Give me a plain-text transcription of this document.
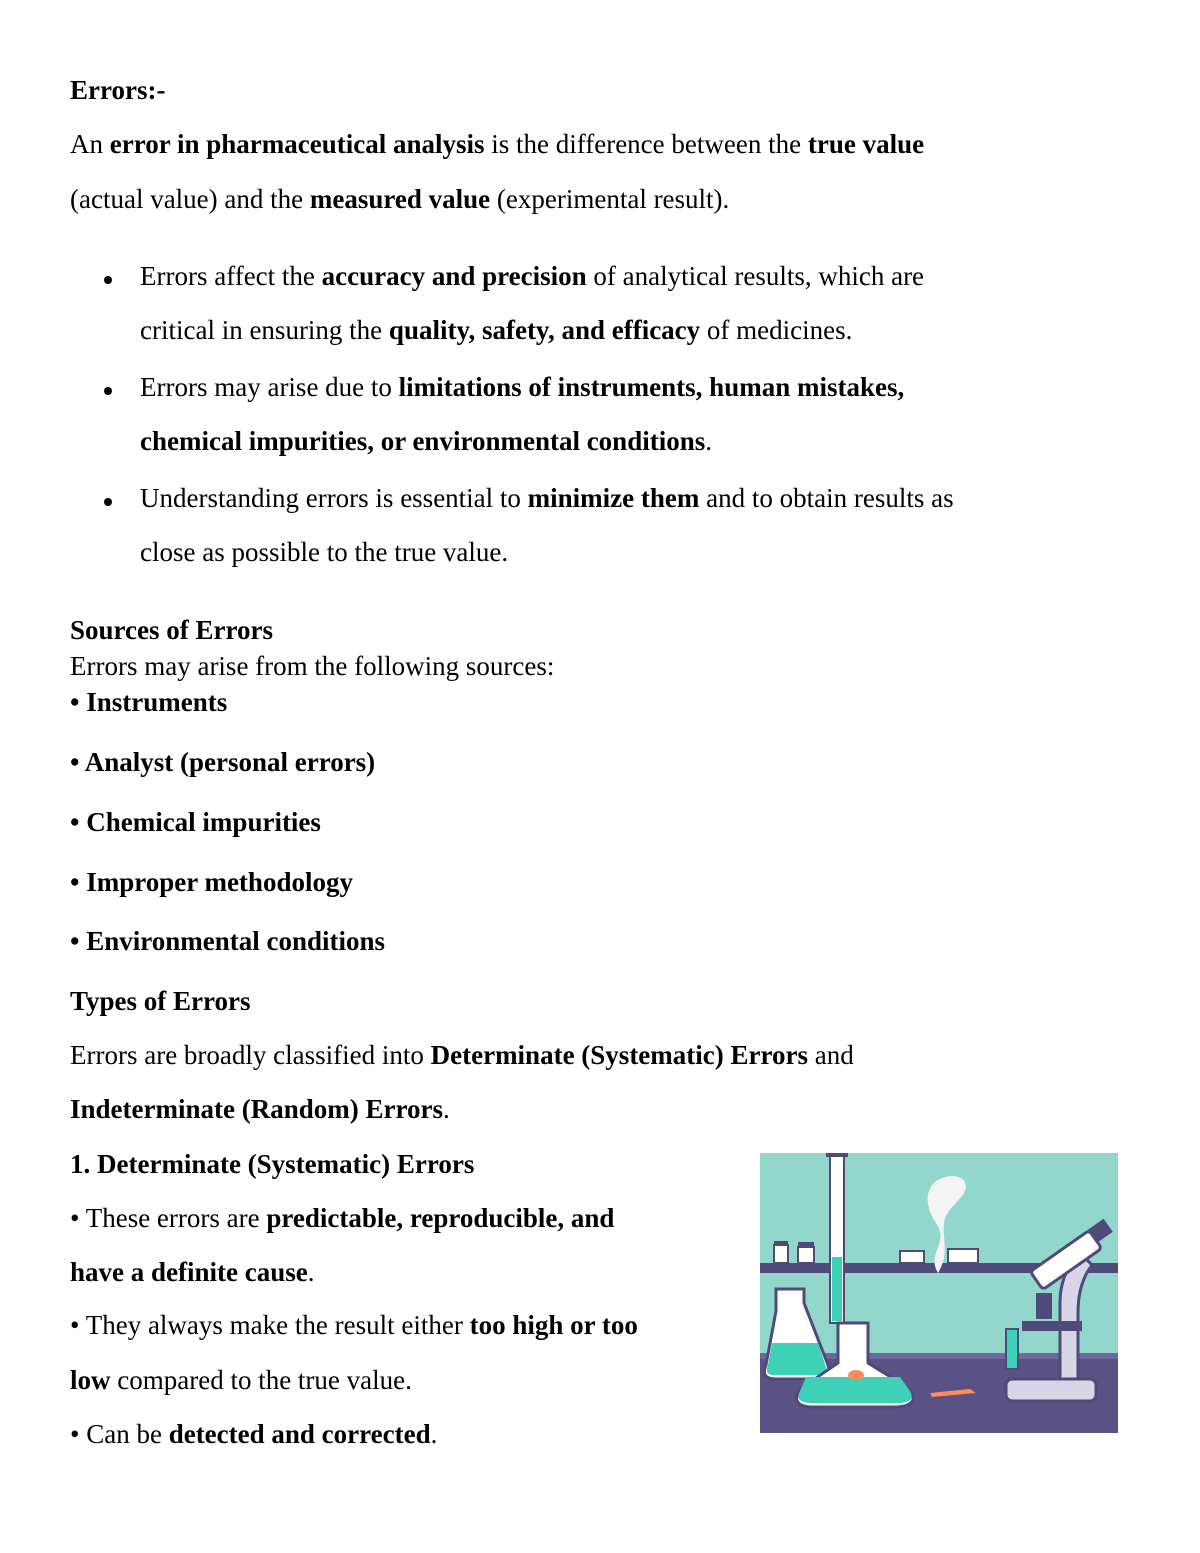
Errors:-
An error in pharmaceutical analysis is the difference between the true value
(actual value) and the measured value (experimental result).
Errors affect the accuracy and precision of analytical results, which are
critical in ensuring the quality, safety, and efficacy of medicines.
Errors may arise due to limitations of instruments, human mistakes,
chemical impurities, or environmental conditions.
Understanding errors is essential to minimize them and to obtain results as
close as possible to the true value.
Sources of Errors
Errors may arise from the following sources:
• Instruments
• Analyst (personal errors)
• Chemical impurities
• Improper methodology
• Environmental conditions
Types of Errors
Errors are broadly classified into Determinate (Systematic) Errors and
Indeterminate (Random) Errors.
1. Determinate (Systematic) Errors
• These errors are predictable, reproducible, and
have a definite cause.
• They always make the result either too high or too
low compared to the true value.
• Can be detected and corrected.
